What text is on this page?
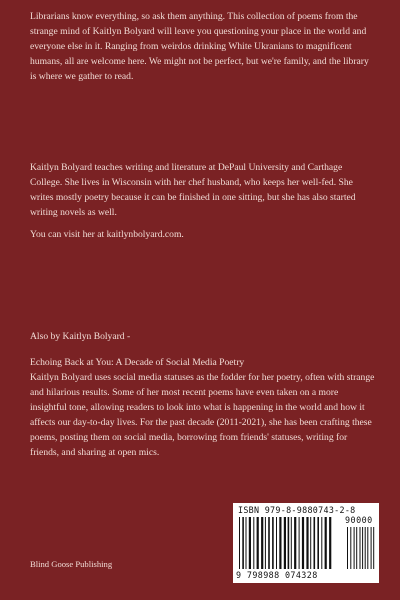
Librarians know everything, so ask them anything. This collection of poems from the strange mind of Kaitlyn Bolyard will leave you questioning your place in the world and everyone else in it. Ranging from weirdos drinking White Ukranians to magnificent humans, all are welcome here. We might not be perfect, but we're family, and the library is where we gather to read.

Kaitlyn Bolyard teaches writing and literature at DePaul University and Carthage College. She lives in Wisconsin with her chef husband, who keeps her well-fed. She writes mostly poetry because it can be finished in one sitting, but she has also started writing novels as well.

You can visit her at kaitlynbolyard.com.

Also by Kaitlyn Bolyard -

Echoing Back at You: A Decade of Social Media Poetry

Kaitlyn Bolyard uses social media statuses as the fodder for her poetry, often with strange and hilarious results. Some of her most recent poems have even taken on a more insightful tone, allowing readers to look into what is happening in the world and how it affects our day-to-day lives. For the past decade (2011-2021), she has been crafting these poems, posting them on social media, borrowing from friends' statuses, writing for friends, and sharing at open mics.

Blind Goose Publishing

ISBN 979-8-9880743-2-8
90000
9 798988 074328
